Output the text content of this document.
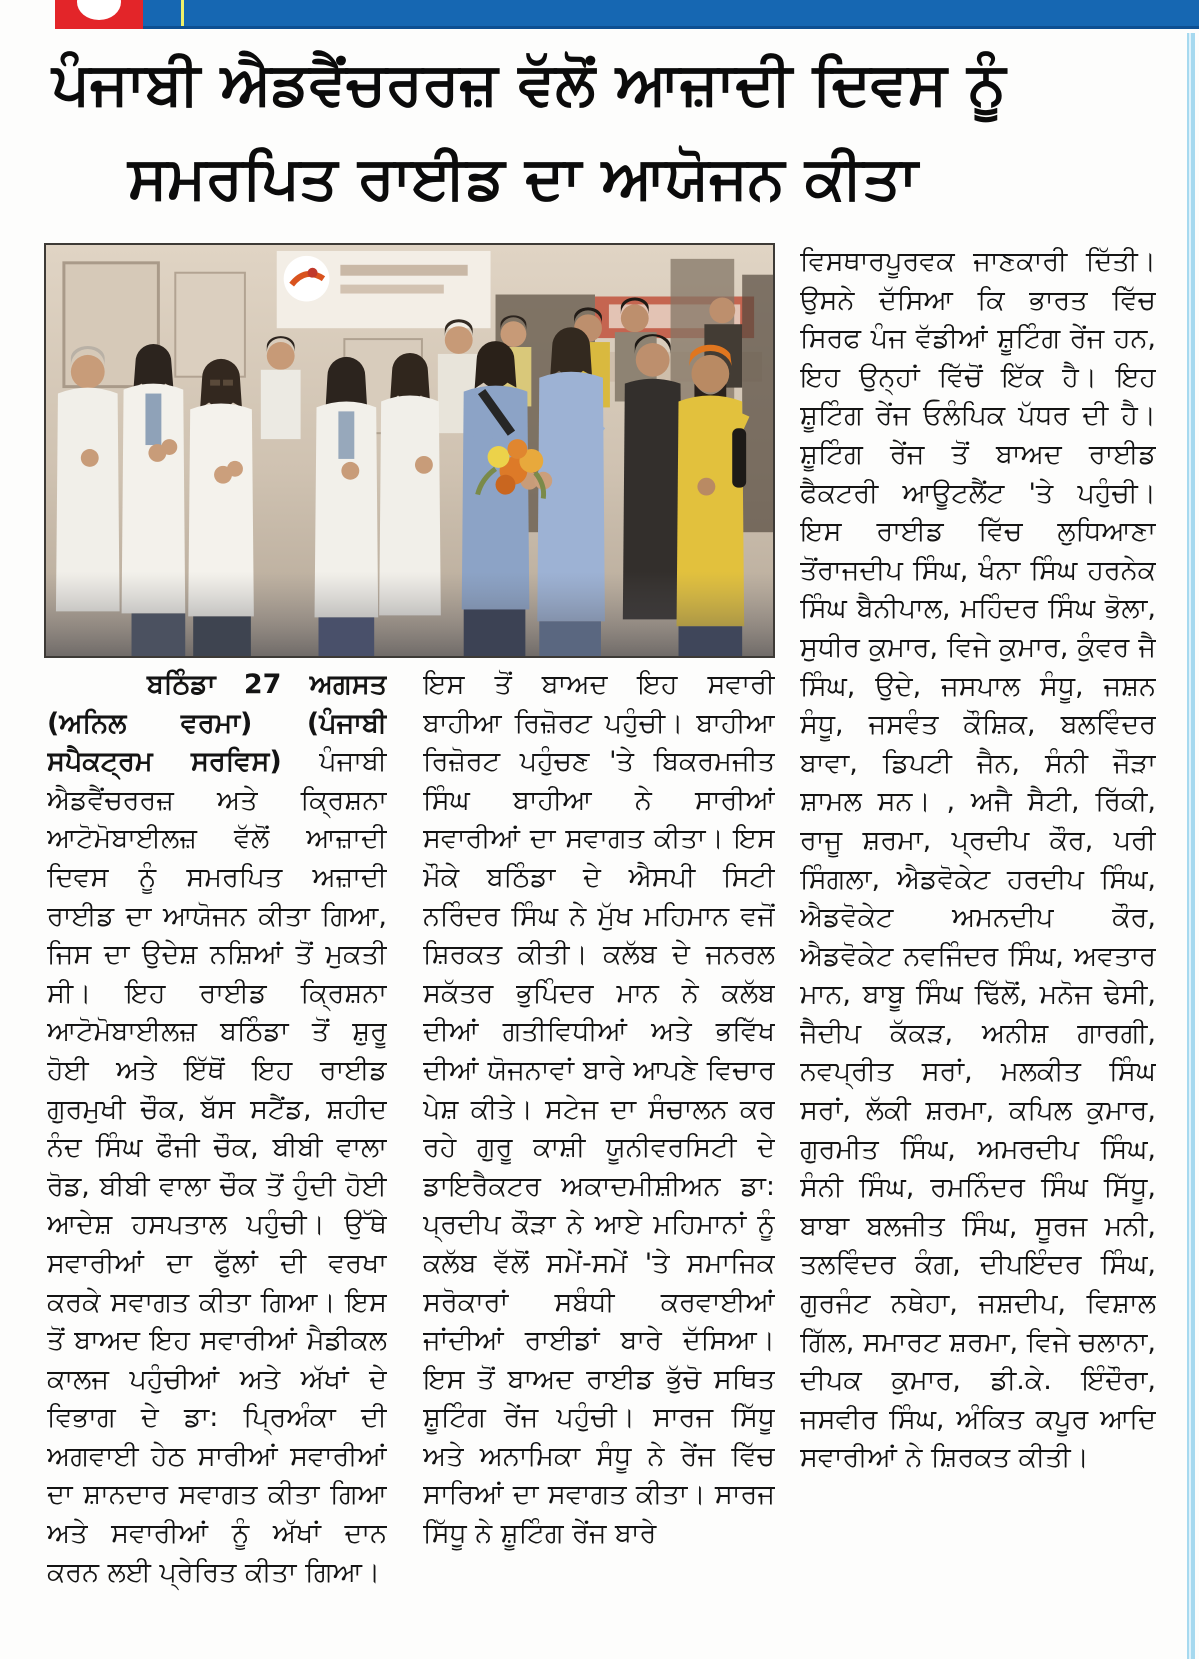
ਪੰਜਾਬੀ ਐਡਵੈਂਚਰਰਜ਼ ਵੱਲੋਂ ਆਜ਼ਾਦੀ ਦਿਵਸ ਨੂੰ
ਸਮਰਪਿਤ ਰਾਈਡ ਦਾ ਆਯੋਜਨ ਕੀਤਾ
ਬਠਿੰਡਾ 27 ਅਗਸਤ (ਅਨਿਲ ਵਰਮਾ) (ਪੰਜਾਬੀ ਸਪੈਕਟ੍ਰਮ ਸਰਵਿਸ) ਪੰਜਾਬੀ ਐਡਵੈਂਚਰਰਜ਼ ਅਤੇ ਕ੍ਰਿਸ਼ਨਾ ਆਟੋਮੋਬਾਈਲਜ਼ ਵੱਲੋਂ ਆਜ਼ਾਦੀ ਦਿਵਸ ਨੂੰ ਸਮਰਪਿਤ ਅਜ਼ਾਦੀ ਰਾਈਡ ਦਾ ਆਯੋਜਨ ਕੀਤਾ ਗਿਆ, ਜਿਸ ਦਾ ਉਦੇਸ਼ ਨਸ਼ਿਆਂ ਤੋਂ ਮੁਕਤੀ ਸੀ। ਇਹ ਰਾਈਡ ਕ੍ਰਿਸ਼ਨਾ ਆਟੋਮੋਬਾਈਲਜ਼ ਬਠਿੰਡਾ ਤੋਂ ਸ਼ੁਰੂ ਹੋਈ ਅਤੇ ਇੱਥੋਂ ਇਹ ਰਾਈਡ ਗੁਰਮੁਖੀ ਚੌਕ, ਬੱਸ ਸਟੈਂਡ, ਸ਼ਹੀਦ ਨੰਦ ਸਿੰਘ ਫੌਜੀ ਚੌਕ, ਬੀਬੀ ਵਾਲਾ ਰੋਡ, ਬੀਬੀ ਵਾਲਾ ਚੌਕ ਤੋਂ ਹੁੰਦੀ ਹੋਈ ਆਦੇਸ਼ ਹਸਪਤਾਲ ਪਹੁੰਚੀ। ਉੱਥੇ ਸਵਾਰੀਆਂ ਦਾ ਫੁੱਲਾਂ ਦੀ ਵਰਖਾ ਕਰਕੇ ਸਵਾਗਤ ਕੀਤਾ ਗਿਆ। ਇਸ ਤੋਂ ਬਾਅਦ ਇਹ ਸਵਾਰੀਆਂ ਮੈਡੀਕਲ ਕਾਲਜ ਪਹੁੰਚੀਆਂ ਅਤੇ ਅੱਖਾਂ ਦੇ ਵਿਭਾਗ ਦੇ ਡਾ: ਪ੍ਰਿਅੰਕਾ ਦੀ ਅਗਵਾਈ ਹੇਠ ਸਾਰੀਆਂ ਸਵਾਰੀਆਂ ਦਾ ਸ਼ਾਨਦਾਰ ਸਵਾਗਤ ਕੀਤਾ ਗਿਆ ਅਤੇ ਸਵਾਰੀਆਂ ਨੂੰ ਅੱਖਾਂ ਦਾਨ ਕਰਨ ਲਈ ਪ੍ਰੇਰਿਤ ਕੀਤਾ ਗਿਆ।
ਇਸ ਤੋਂ ਬਾਅਦ ਇਹ ਸਵਾਰੀ ਬਾਹੀਆ ਰਿਜ਼ੋਰਟ ਪਹੁੰਚੀ। ਬਾਹੀਆ ਰਿਜ਼ੋਰਟ ਪਹੁੰਚਣ 'ਤੇ ਬਿਕਰਮਜੀਤ ਸਿੰਘ ਬਾਹੀਆ ਨੇ ਸਾਰੀਆਂ ਸਵਾਰੀਆਂ ਦਾ ਸਵਾਗਤ ਕੀਤਾ। ਇਸ ਮੌਕੇ ਬਠਿੰਡਾ ਦੇ ਐਸਪੀ ਸਿਟੀ ਨਰਿੰਦਰ ਸਿੰਘ ਨੇ ਮੁੱਖ ਮਹਿਮਾਨ ਵਜੋਂ ਸ਼ਿਰਕਤ ਕੀਤੀ। ਕਲੱਬ ਦੇ ਜਨਰਲ ਸਕੱਤਰ ਭੁਪਿੰਦਰ ਮਾਨ ਨੇ ਕਲੱਬ ਦੀਆਂ ਗਤੀਵਿਧੀਆਂ ਅਤੇ ਭਵਿੱਖ ਦੀਆਂ ਯੋਜਨਾਵਾਂ ਬਾਰੇ ਆਪਣੇ ਵਿਚਾਰ ਪੇਸ਼ ਕੀਤੇ। ਸਟੇਜ ਦਾ ਸੰਚਾਲਨ ਕਰ ਰਹੇ ਗੁਰੂ ਕਾਸ਼ੀ ਯੂਨੀਵਰਸਿਟੀ ਦੇ ਡਾਇਰੈਕਟਰ ਅਕਾਦਮੀਸ਼ੀਅਨ ਡਾ: ਪ੍ਰਦੀਪ ਕੌੜਾ ਨੇ ਆਏ ਮਹਿਮਾਨਾਂ ਨੂੰ ਕਲੱਬ ਵੱਲੋਂ ਸਮੇਂ-ਸਮੇਂ 'ਤੇ ਸਮਾਜਿਕ ਸਰੋਕਾਰਾਂ ਸਬੰਧੀ ਕਰਵਾਈਆਂ ਜਾਂਦੀਆਂ ਰਾਈਡਾਂ ਬਾਰੇ ਦੱਸਿਆ। ਇਸ ਤੋਂ ਬਾਅਦ ਰਾਈਡ ਭੁੱਚੋ ਸਥਿਤ ਸ਼ੂਟਿੰਗ ਰੇਂਜ ਪਹੁੰਚੀ। ਸਾਰਜ ਸਿੱਧੂ ਅਤੇ ਅਨਾਮਿਕਾ ਸੰਧੂ ਨੇ ਰੇਂਜ ਵਿੱਚ ਸਾਰਿਆਂ ਦਾ ਸਵਾਗਤ ਕੀਤਾ। ਸਾਰਜ ਸਿੱਧੂ ਨੇ ਸ਼ੂਟਿੰਗ ਰੇਂਜ ਬਾਰੇ
ਵਿਸਥਾਰਪੂਰਵਕ ਜਾਣਕਾਰੀ ਦਿੱਤੀ। ਉਸਨੇ ਦੱਸਿਆ ਕਿ ਭਾਰਤ ਵਿੱਚ ਸਿਰਫ ਪੰਜ ਵੱਡੀਆਂ ਸ਼ੂਟਿੰਗ ਰੇਂਜ ਹਨ, ਇਹ ਉਨ੍ਹਾਂ ਵਿੱਚੋਂ ਇੱਕ ਹੈ। ਇਹ ਸ਼ੂਟਿੰਗ ਰੇਂਜ ਓਲੰਪਿਕ ਪੱਧਰ ਦੀ ਹੈ। ਸ਼ੂਟਿੰਗ ਰੇਂਜ ਤੋਂ ਬਾਅਦ ਰਾਈਡ ਫੈਕਟਰੀ ਆਊਟਲੈਂਟ 'ਤੇ ਪਹੁੰਚੀ। ਇਸ ਰਾਈਡ ਵਿੱਚ ਲੁਧਿਆਣਾ ਤੋਂਰਾਜਦੀਪ ਸਿੰਘ, ਖੰਨਾ ਸਿੰਘ ਹਰਨੇਕ ਸਿੰਘ ਬੈਨੀਪਾਲ, ਮਹਿੰਦਰ ਸਿੰਘ ਭੋਲਾ, ਸੁਧੀਰ ਕੁਮਾਰ, ਵਿਜੇ ਕੁਮਾਰ, ਕੁੰਵਰ ਜੈ ਸਿੰਘ, ਉਦੇ, ਜਸਪਾਲ ਸੰਧੂ, ਜਸ਼ਨ ਸੰਧੂ, ਜਸਵੰਤ ਕੌਸ਼ਿਕ, ਬਲਵਿੰਦਰ ਬਾਵਾ, ਡਿਪਟੀ ਜੈਨ, ਸੰਨੀ ਜੌੜਾ ਸ਼ਾਮਲ ਸਨ। , ਅਜੈ ਸੈਟੀ, ਰਿੱਕੀ, ਰਾਜੂ ਸ਼ਰਮਾ, ਪ੍ਰਦੀਪ ਕੌਰ, ਪਰੀ ਸਿੰਗਲਾ, ਐਡਵੋਕੇਟ ਹਰਦੀਪ ਸਿੰਘ, ਐਡਵੋਕੇਟ ਅਮਨਦੀਪ ਕੌਰ, ਐਡਵੋਕੇਟ ਨਵਜਿੰਦਰ ਸਿੰਘ, ਅਵਤਾਰ ਮਾਨ, ਬਾਬੂ ਸਿੰਘ ਢਿੱਲੋਂ, ਮਨੋਜ ਢੇਸੀ, ਜੈਦੀਪ ਕੱਕੜ, ਅਨੀਸ਼ ਗਾਰਗੀ, ਨਵਪ੍ਰੀਤ ਸਰਾਂ, ਮਲਕੀਤ ਸਿੰਘ ਸਰਾਂ, ਲੱਕੀ ਸ਼ਰਮਾ, ਕਪਿਲ ਕੁਮਾਰ, ਗੁਰਮੀਤ ਸਿੰਘ, ਅਮਰਦੀਪ ਸਿੰਘ, ਸੰਨੀ ਸਿੰਘ, ਰਮਨਿੰਦਰ ਸਿੰਘ ਸਿੱਧੂ, ਬਾਬਾ ਬਲਜੀਤ ਸਿੰਘ, ਸੂਰਜ ਮਨੀ, ਤਲਵਿੰਦਰ ਕੰਗ, ਦੀਪਇੰਦਰ ਸਿੰਘ, ਗੁਰਜੰਟ ਨਥੇਹਾ, ਜਸ਼ਦੀਪ, ਵਿਸ਼ਾਲ ਗਿੱਲ, ਸਮਾਰਟ ਸ਼ਰਮਾ, ਵਿਜੇ ਚਲਾਨਾ, ਦੀਪਕ ਕੁਮਾਰ, ਡੀ.ਕੇ. ਇੰਦੌਰਾ, ਜਸਵੀਰ ਸਿੰਘ, ਅੰਕਿਤ ਕਪੂਰ ਆਦਿ ਸਵਾਰੀਆਂ ਨੇ ਸ਼ਿਰਕਤ ਕੀਤੀ।
